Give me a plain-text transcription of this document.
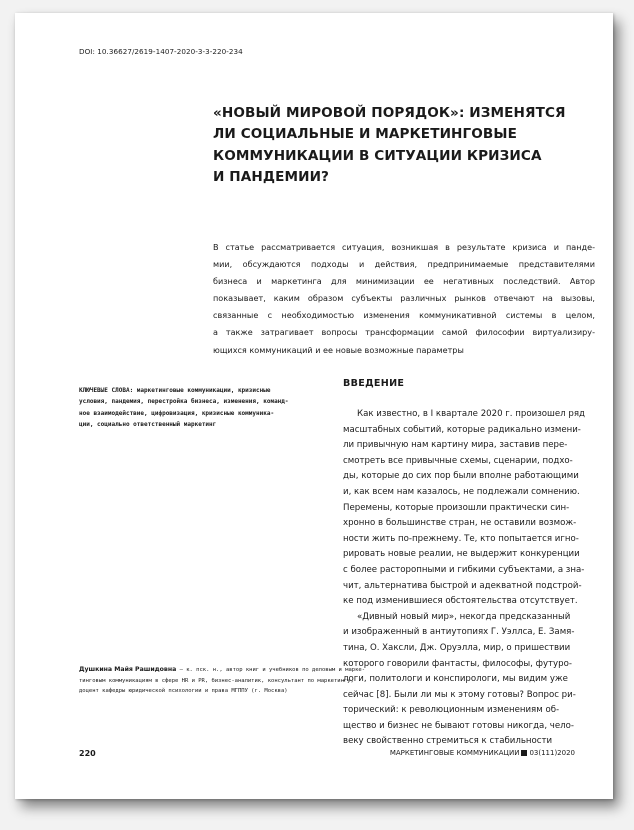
DOI: 10.36627/2619-1407-2020-3-3-220-234
«НОВЫЙ МИРОВОЙ ПОРЯДОК»: ИЗМЕНЯТСЯ
ЛИ СОЦИАЛЬНЫЕ И МАРКЕТИНГОВЫЕ
КОММУНИКАЦИИ В СИТУАЦИИ КРИЗИСА
И ПАНДЕМИИ?
В статье рассматривается ситуация, возникшая в результате кризиса и панде-
мии, обсуждаются подходы и действия, предпринимаемые представителями
бизнеса и маркетинга для минимизации ее негативных последствий. Автор
показывает, каким образом субъекты различных рынков отвечают на вызовы,
связанные с необходимостью изменения коммуникативной системы в целом,
а также затрагивает вопросы трансформации самой философии виртуализиру-
ющихся коммуникаций и ее новые возможные параметры
КЛЮЧЕВЫЕ СЛОВА: маркетинговые коммуникации, кризисные
условия, пандемия, перестройка бизнеса, изменения, команд-
ное взаимодействие, цифровизация, кризисные коммуника-
ции, социально ответственный маркетинг
ВВЕДЕНИЕ
Как известно, в I квартале 2020 г. произошел ряд
масштабных событий, которые радикально измени-
ли привычную нам картину мира, заставив пере-
смотреть все привычные схемы, сценарии, подхо-
ды, которые до сих пор были вполне работающими
и, как всем нам казалось, не подлежали сомнению.
Перемены, которые произошли практически син-
хронно в большинстве стран, не оставили возмож-
ности жить по-прежнему. Те, кто попытается игно-
рировать новые реалии, не выдержит конкуренции
с более расторопными и гибкими субъектами, а зна-
чит, альтернатива быстрой и адекватной подстрой-
ке под изменившиеся обстоятельства отсутствует.
«Дивный новый мир», некогда предсказанный
и изображенный в антиутопиях Г. Уэллса, Е. Замя-
тина, О. Хаксли, Дж. Оруэлла, мир, о пришествии
которого говорили фантасты, философы, футуро-
логи, политологи и конспирологи, мы видим уже
сейчас [8]. Были ли мы к этому готовы? Вопрос ри-
торический: к революционным изменениям об-
щество и бизнес не бывают готовы никогда, чело-
веку свойственно стремиться к стабильности
Душкина Майя Рашидовна — к. пск. н., автор книг и учебников по деловым и марке-
тинговым коммуникациям в сфере HR и PR, бизнес-аналитик, консультант по маркетингу,
доцент кафедры юридической психологии и права МГППУ (г. Москва)
220	МАРКЕТИНГОВЫЕ КОММУНИКАЦИИ 03(111)2020
